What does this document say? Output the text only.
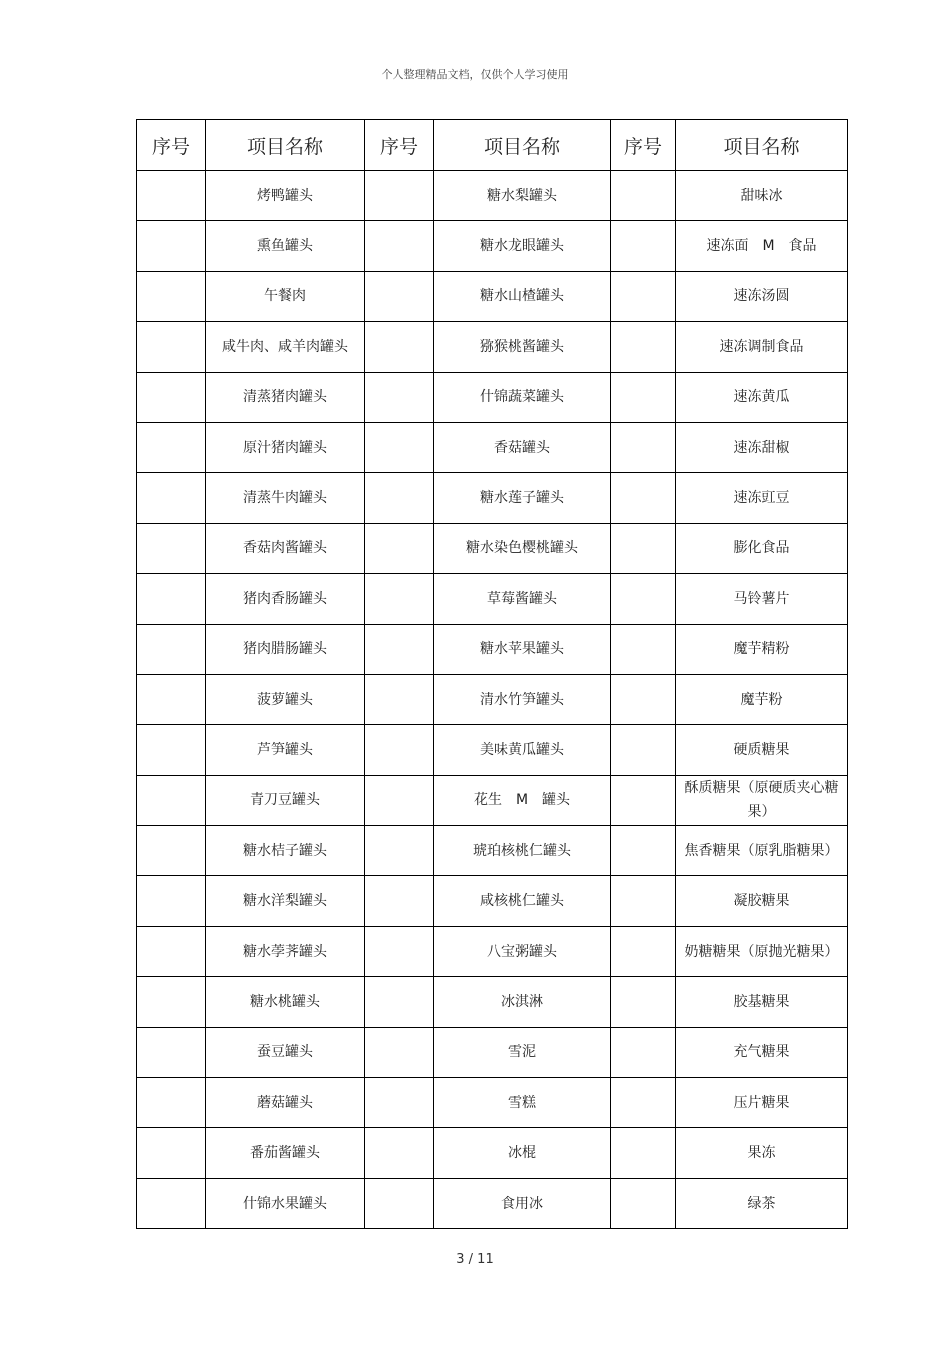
个人整理精品文档，仅供个人学习使用
序号	项目名称	序号	项目名称	序号	项目名称
	烤鸭罐头		糖水梨罐头		甜味冰
	熏鱼罐头		糖水龙眼罐头		速冻面　M　食品
	午餐肉		糖水山楂罐头		速冻汤圆
	咸牛肉、咸羊肉罐头		猕猴桃酱罐头		速冻调制食品
	清蒸猪肉罐头		什锦蔬菜罐头		速冻黄瓜
	原汁猪肉罐头		香菇罐头		速冻甜椒
	清蒸牛肉罐头		糖水莲子罐头		速冻豇豆
	香菇肉酱罐头		糖水染色樱桃罐头		膨化食品
	猪肉香肠罐头		草莓酱罐头		马铃薯片
	猪肉腊肠罐头		糖水苹果罐头		魔芋精粉
	菠萝罐头		清水竹笋罐头		魔芋粉
	芦笋罐头		美味黄瓜罐头		硬质糖果
	青刀豆罐头		花生　M　罐头		酥质糖果（原硬质夹心糖果）
	糖水桔子罐头		琥珀核桃仁罐头		焦香糖果（原乳脂糖果）
	糖水洋梨罐头		咸核桃仁罐头		凝胶糖果
	糖水荸荠罐头		八宝粥罐头		奶糖糖果（原抛光糖果）
	糖水桃罐头		冰淇淋		胶基糖果
	蚕豆罐头		雪泥		充气糖果
	蘑菇罐头		雪糕		压片糖果
	番茄酱罐头		冰棍		果冻
	什锦水果罐头		食用冰		绿茶
3 / 11
